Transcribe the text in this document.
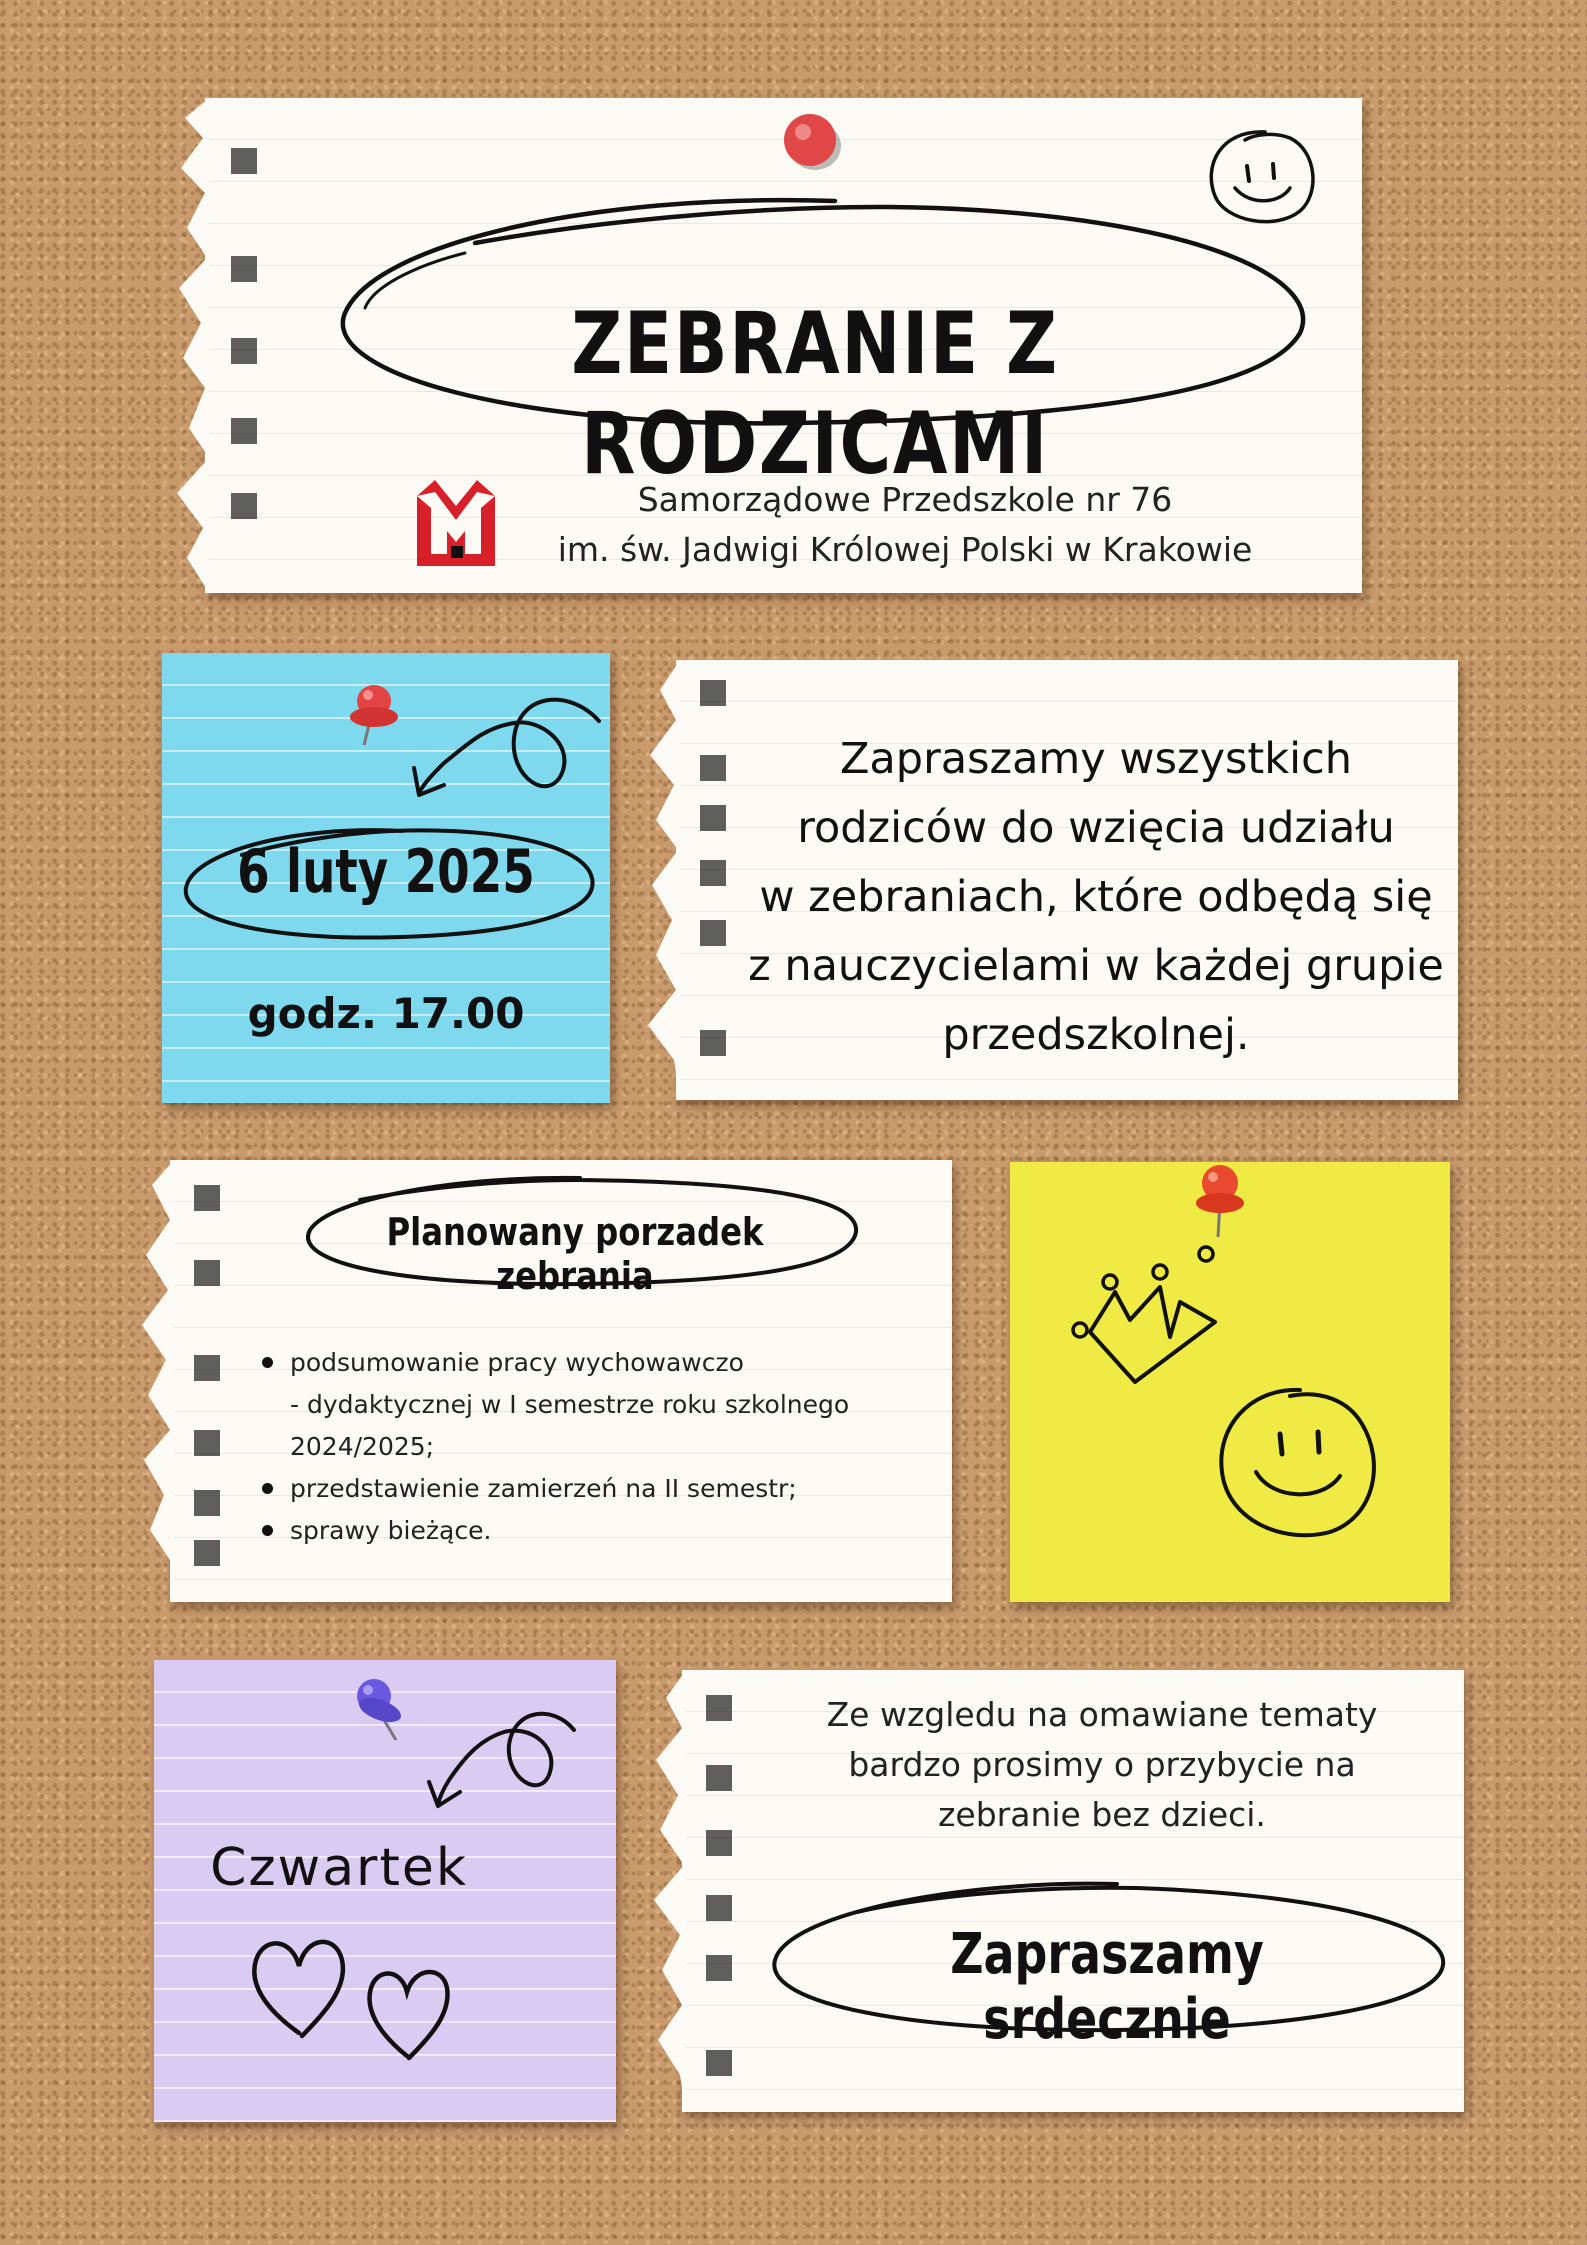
ZEBRANIE Z RODZICAMI
Samorządowe Przedszkole nr 76
im. św. Jadwigi Królowej Polski w Krakowie
6 luty 2025
godz. 17.00
Zapraszamy wszystkich
rodziców do wzięcia udziału
w zebraniach, które odbędą się
z nauczycielami w każdej grupie
przedszkolnej.
Planowany porzadek zebrania
podsumowanie pracy wychowawczo
- dydaktycznej w I semestrze roku szkolnego
2024/2025;
przedstawienie zamierzeń na II semestr;
sprawy bieżące.
Czwartek
Ze wzgledu na omawiane tematy
bardzo prosimy o przybycie na
zebranie bez dzieci.
Zapraszamy srdecznie
